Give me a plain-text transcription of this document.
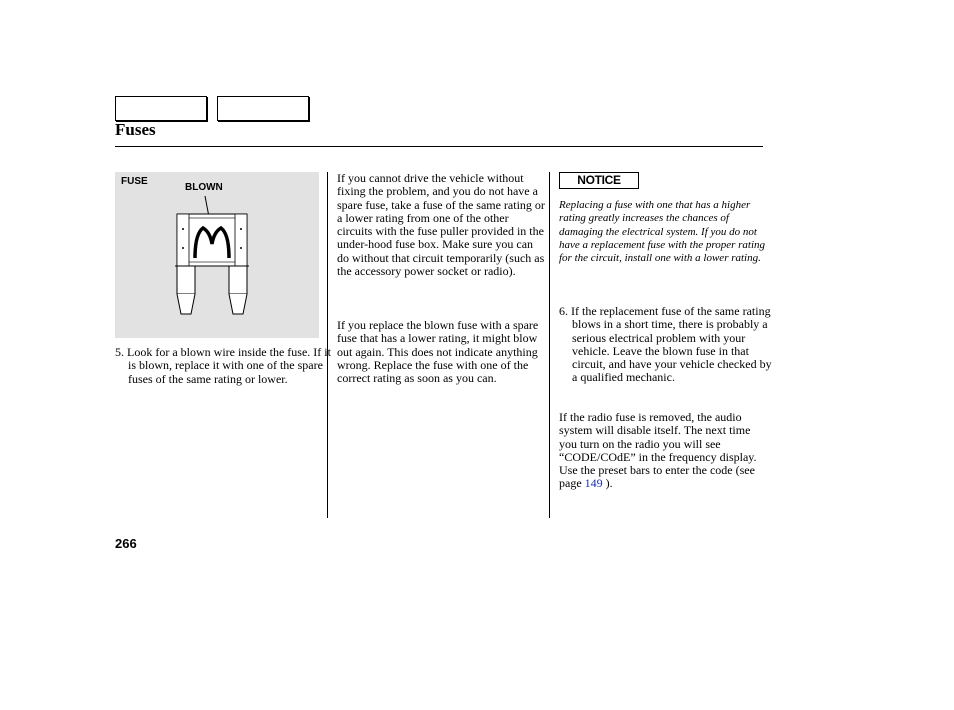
Fuses
FUSE
BLOWN
5. Look for a blown wire inside the fuse. If it is blown, replace it with one of the spare fuses of the same rating or lower.
If you cannot drive the vehicle without fixing the problem, and you do not have a spare fuse, take a fuse of the same rating or a lower rating from one of the other circuits with the fuse puller provided in the under-hood fuse box. Make sure you can do without that circuit temporarily (such as the accessory power socket or radio).
If you replace the blown fuse with a spare fuse that has a lower rating, it might blow out again. This does not indicate anything wrong. Replace the fuse with one of the correct rating as soon as you can.
NOTICE
Replacing a fuse with one that has a higher rating greatly increases the chances of damaging the electrical system. If you do not have a replacement fuse with the proper rating for the circuit, install one with a lower rating.
6. If the replacement fuse of the same rating blows in a short time, there is probably a serious electrical problem with your vehicle. Leave the blown fuse in that circuit, and have your vehicle checked by a qualified mechanic.
If the radio fuse is removed, the audio system will disable itself. The next time you turn on the radio you will see “CODE/COdE” in the frequency display. Use the preset bars to enter the code (see page 149 ).
266
